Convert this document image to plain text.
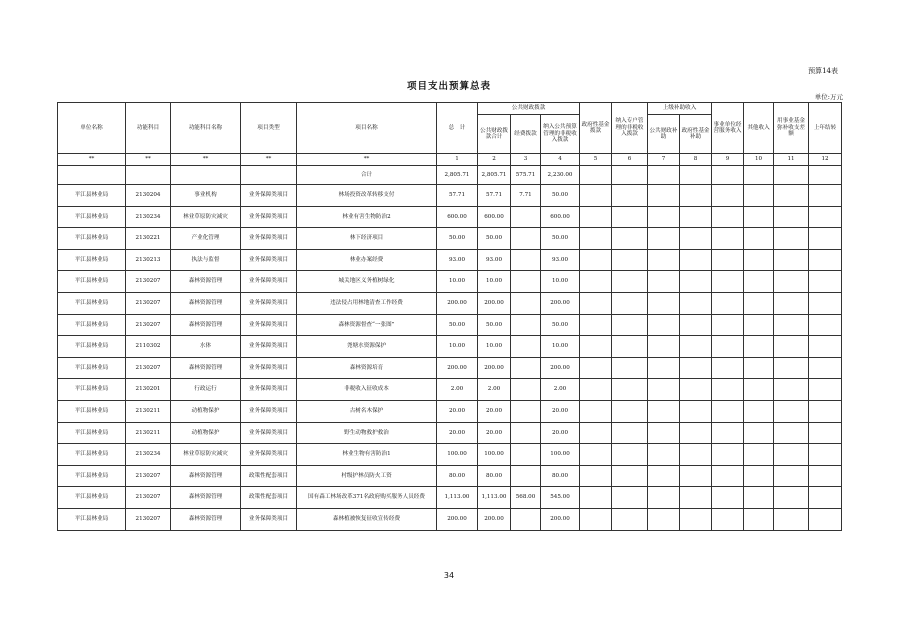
预算14表
项目支出预算总表
单位:万元
单位名称	功能科目	功能科目名称	项目类型	项目名称	总　计	公共财政拨款			政府性基金拨款	纳入专户管理的非税收入拨款	上级补助收入		事业单位经营服务收入	其他收入	用事业基金弥补收支差额	上年结转
						公共财政拨款合计	经费拨款	纳入公共预算管理的非税收入拨款			公共财政补助	政府性基金补助				
**	**	**	**	**	1	2	3	4	5	6	7	8	9	10	11	12
				合计	2,805.71	2,805.71	575.71	2,230.00								
平江县林业局	2130204	事业机构	业务保障类项目	林场投资改革转移支付	57.71	57.71	7.71	50.00								
平江县林业局	2130234	林业草原防灾减灾	业务保障类项目	林业有害生物防治2	600.00	600.00		600.00								
平江县林业局	2130221	产业化管理	业务保障类项目	林下经济项目	50.00	50.00		50.00								
平江县林业局	2130213	执法与监督	业务保障类项目	林业办案经费	93.00	93.00		93.00								
平江县林业局	2130207	森林资源管理	业务保障类项目	城关地区义务植树绿化	10.00	10.00		10.00								
平江县林业局	2130207	森林资源管理	业务保障类项目	违法侵占用林地清查工作经费	200.00	200.00		200.00								
平江县林业局	2130207	森林资源管理	业务保障类项目	森林资源督查“一张图”	50.00	50.00		50.00								
平江县林业局	2110302	水体	业务保障类项目	尧塘水资源保护	10.00	10.00		10.00								
平江县林业局	2130207	森林资源管理	业务保障类项目	森林资源培育	200.00	200.00		200.00								
平江县林业局	2130201	行政运行	业务保障类项目	非税收入征收成本	2.00	2.00		2.00								
平江县林业局	2130211	动植物保护	业务保障类项目	古树名木保护	20.00	20.00		20.00								
平江县林业局	2130211	动植物保护	业务保障类项目	野生动物救护救治	20.00	20.00		20.00								
平江县林业局	2130234	林业草原防灾减灾	业务保障类项目	林业生物有害防治1	100.00	100.00		100.00								
平江县林业局	2130207	森林资源管理	政策性配套项目	村级护林员防火工资	80.00	80.00		80.00								
平江县林业局	2130207	森林资源管理	政策性配套项目	国有森工林场改革371名政府购买服务人员经费	1,113.00	1,113.00	568.00	545.00								
平江县林业局	2130207	森林资源管理	业务保障类项目	森林植被恢复征收宣传经费	200.00	200.00		200.00								
34
